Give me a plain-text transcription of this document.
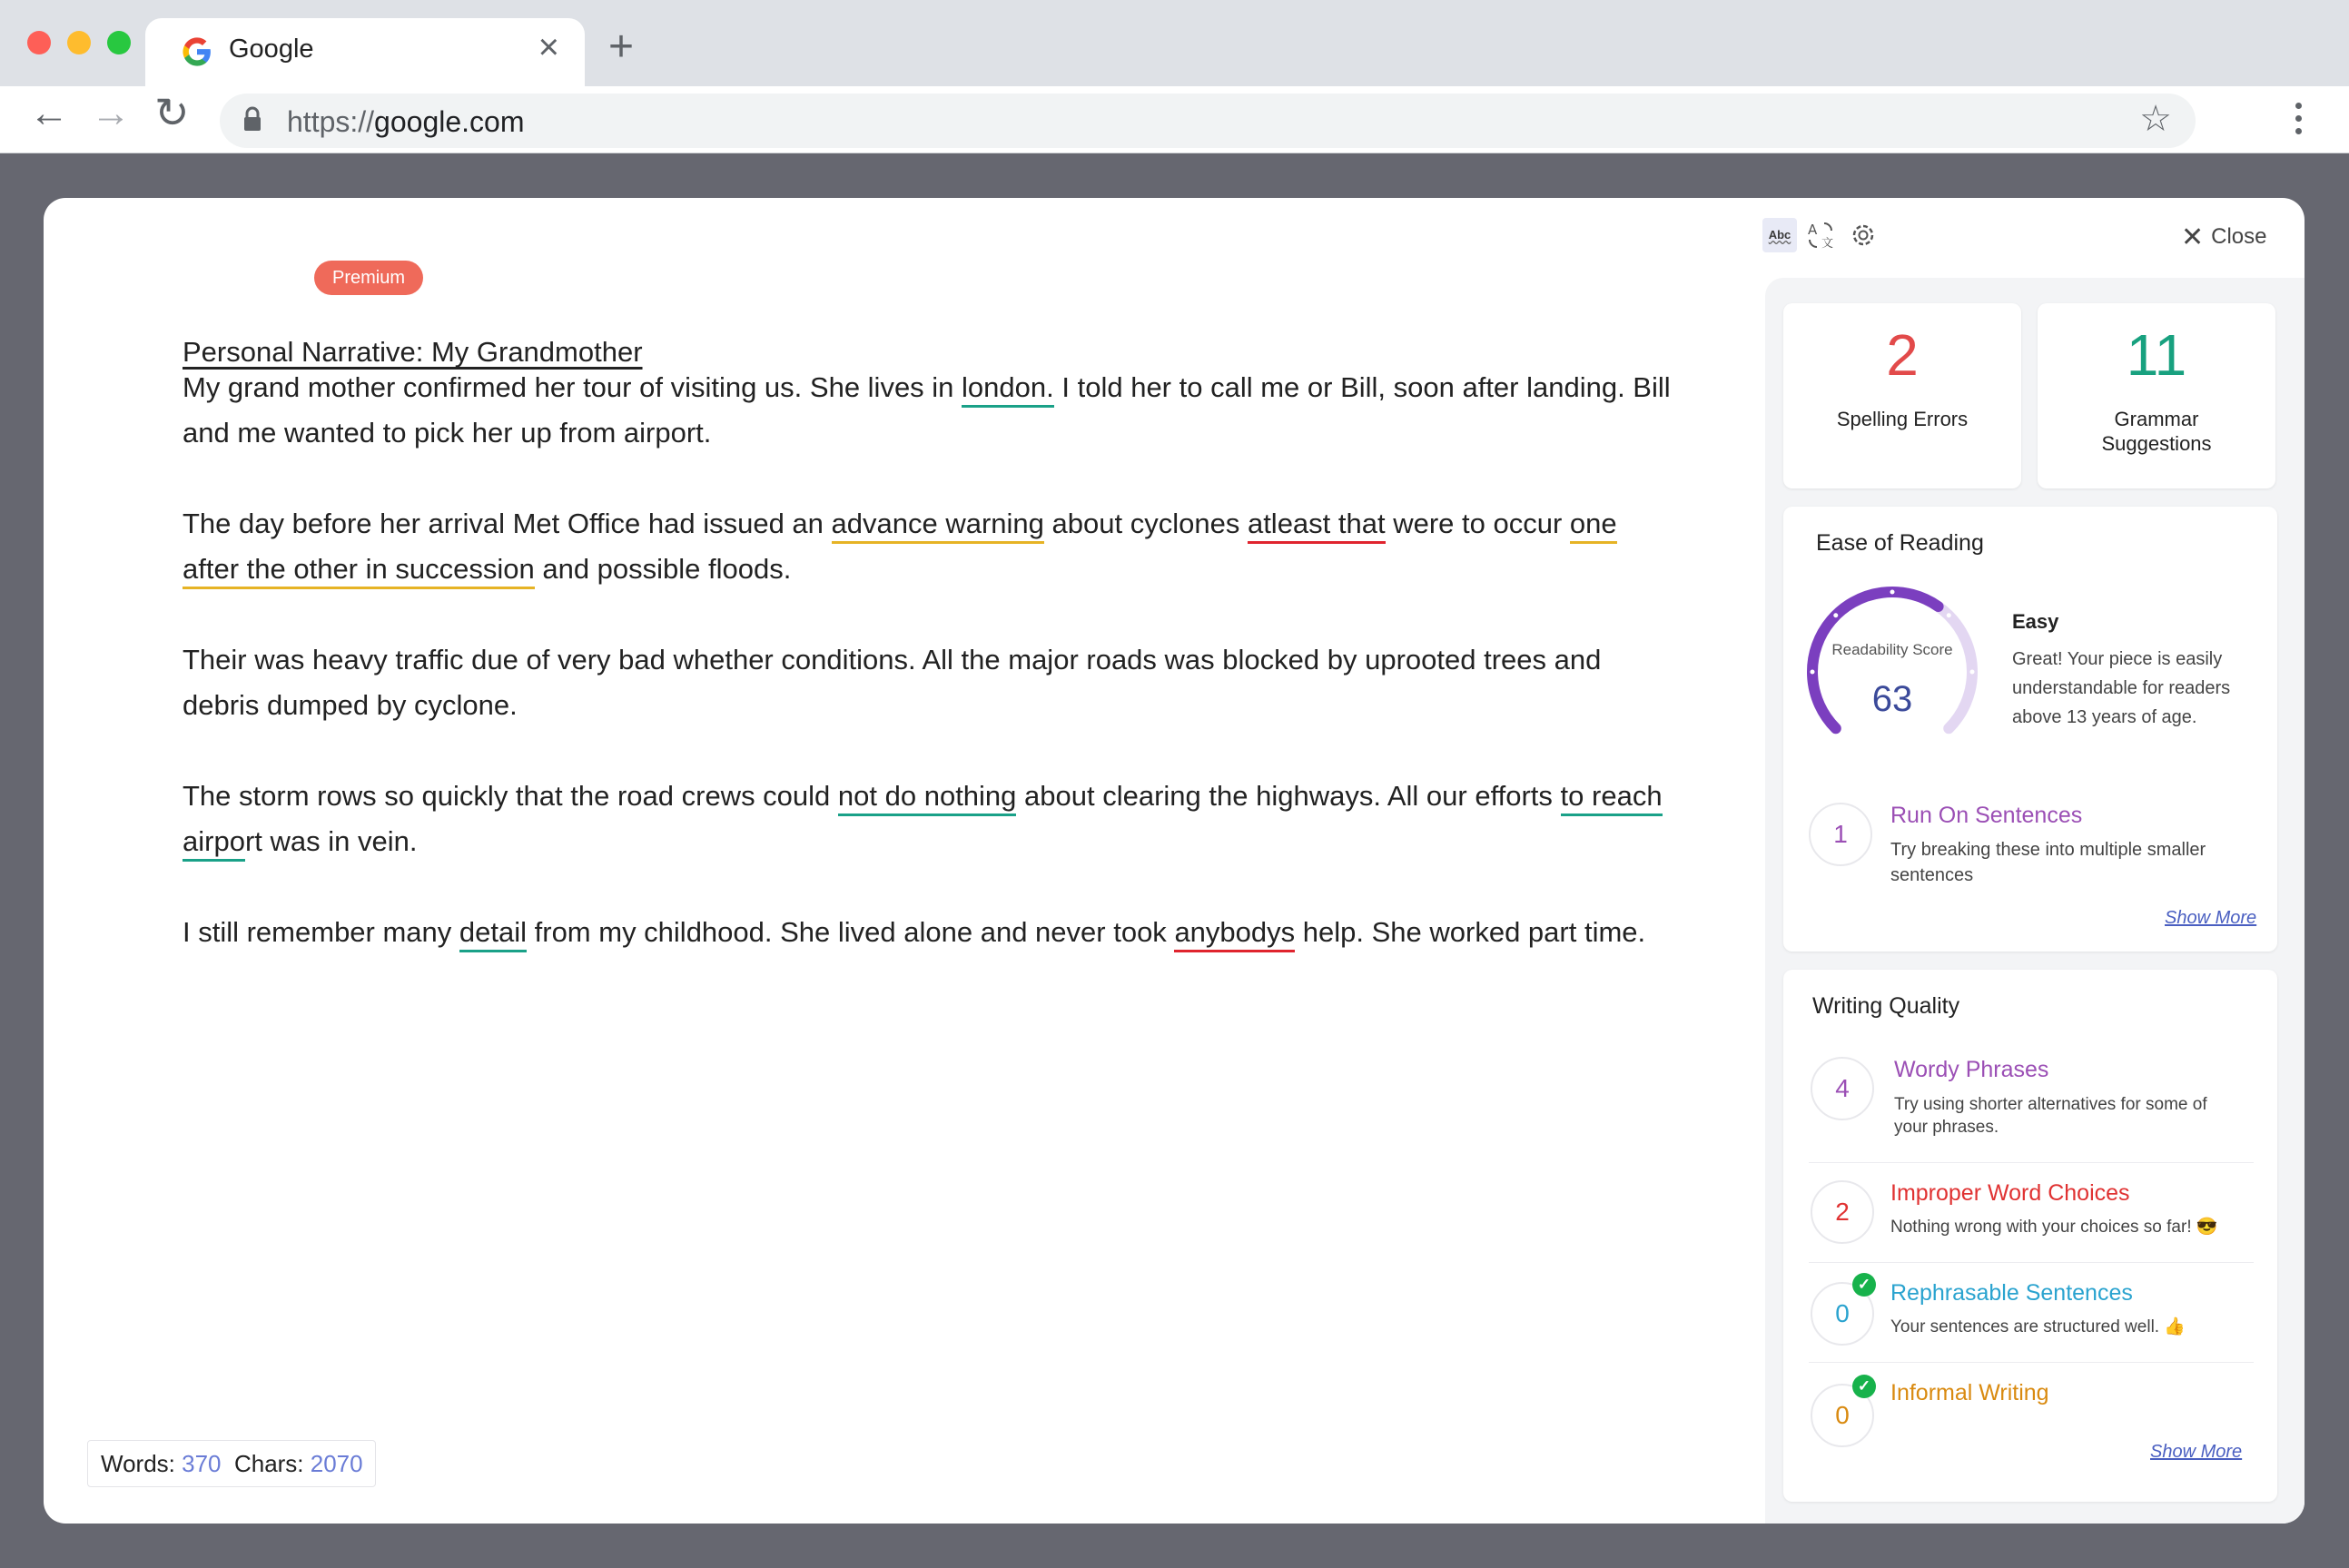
Google	× +
← → ↻	https://google.com	☆
Premium
Personal Narrative: My Grandmother
My grand mother confirmed her tour of visiting us. She lives in london. I told her to call me or Bill, soon after landing. Bill and me wanted to pick her up from airport.
The day before her arrival Met Office had issued an advance warning about cyclones atleast that were to occur one after the other in succession and possible floods.
Their was heavy traffic due of very bad whether conditions. All the major roads was blocked by uprooted trees and debris dumped by cyclone.
The storm rows so quickly that the road crews could not do nothing about clearing the highways. All our efforts to reach airport was in vein.
I still remember many detail from my childhood. She lived alone and never took anybodys help. She worked part time.
Words: 370 Chars: 2070
Abc	A
文	✕ Close
2
Spelling Errors
11
Grammar Suggestions
Ease of Reading
Readability Score
63
Easy
Great! Your piece is easily understandable for readers above 13 years of age.
1
Run On Sentences
Try breaking these into multiple smaller sentences
Show More
Writing Quality
4
Wordy Phrases
Try using shorter alternatives for some of your phrases.
2
Improper Word Choices
Nothing wrong with your choices so far! 😎
0
✓ Rephrasable Sentences
Your sentences are structured well. 👍
0
✓ Informal Writing
Show More
